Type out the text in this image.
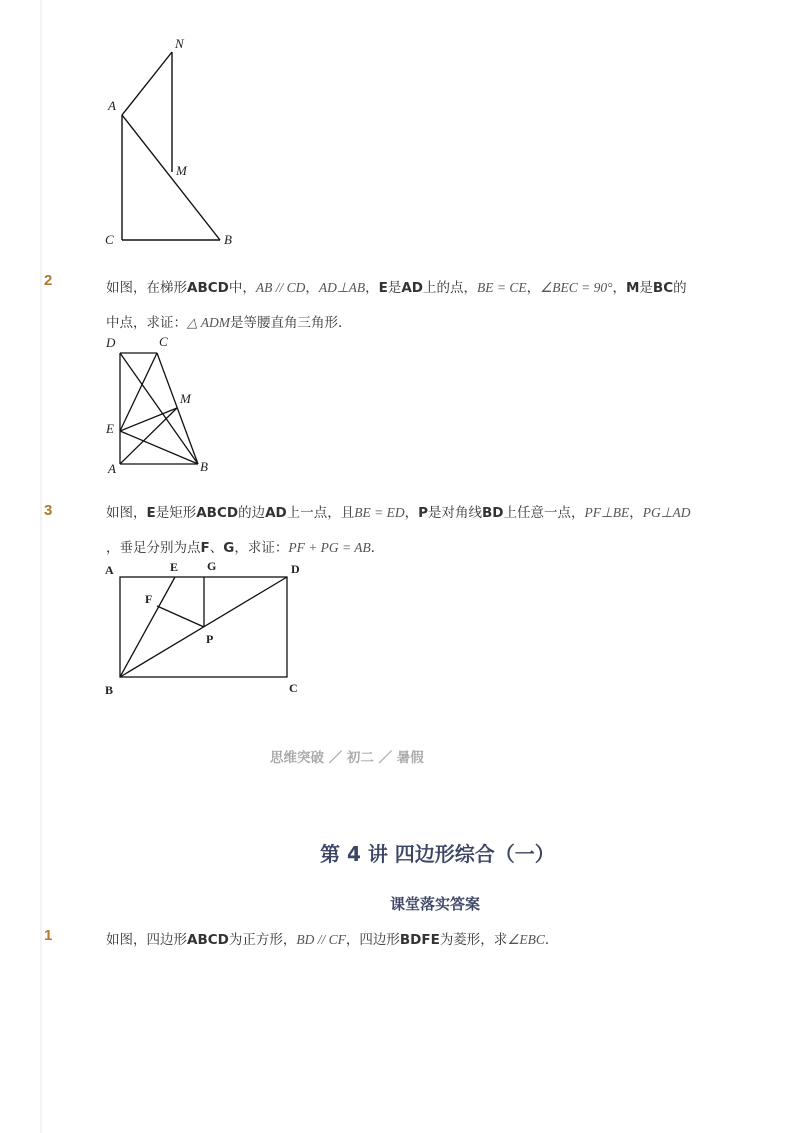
N
A
M
C	B
2	如图，在梯形ABCD中，AB // CD，AD⊥AB，E是AD上的点，BE = CE，∠BEC = 90°，M是BC的
中点，求证：△ ADM是等腰直角三角形．
D	C
M
E
A	B
3	如图，E是矩形ABCD的边AD上一点，且BE = ED，P是对角线BD上任意一点，PF⊥BE，PG⊥AD
，垂足分别为点F、G，求证：PF + PG = AB．
A	E G	D
F
P
B	C
思维突破 ／ 初二 ／ 暑假
第 4 讲 四边形综合（一）
课堂落实答案
1	如图，四边形ABCD为正方形，BD // CF，四边形BDFE为菱形，求∠EBC．
